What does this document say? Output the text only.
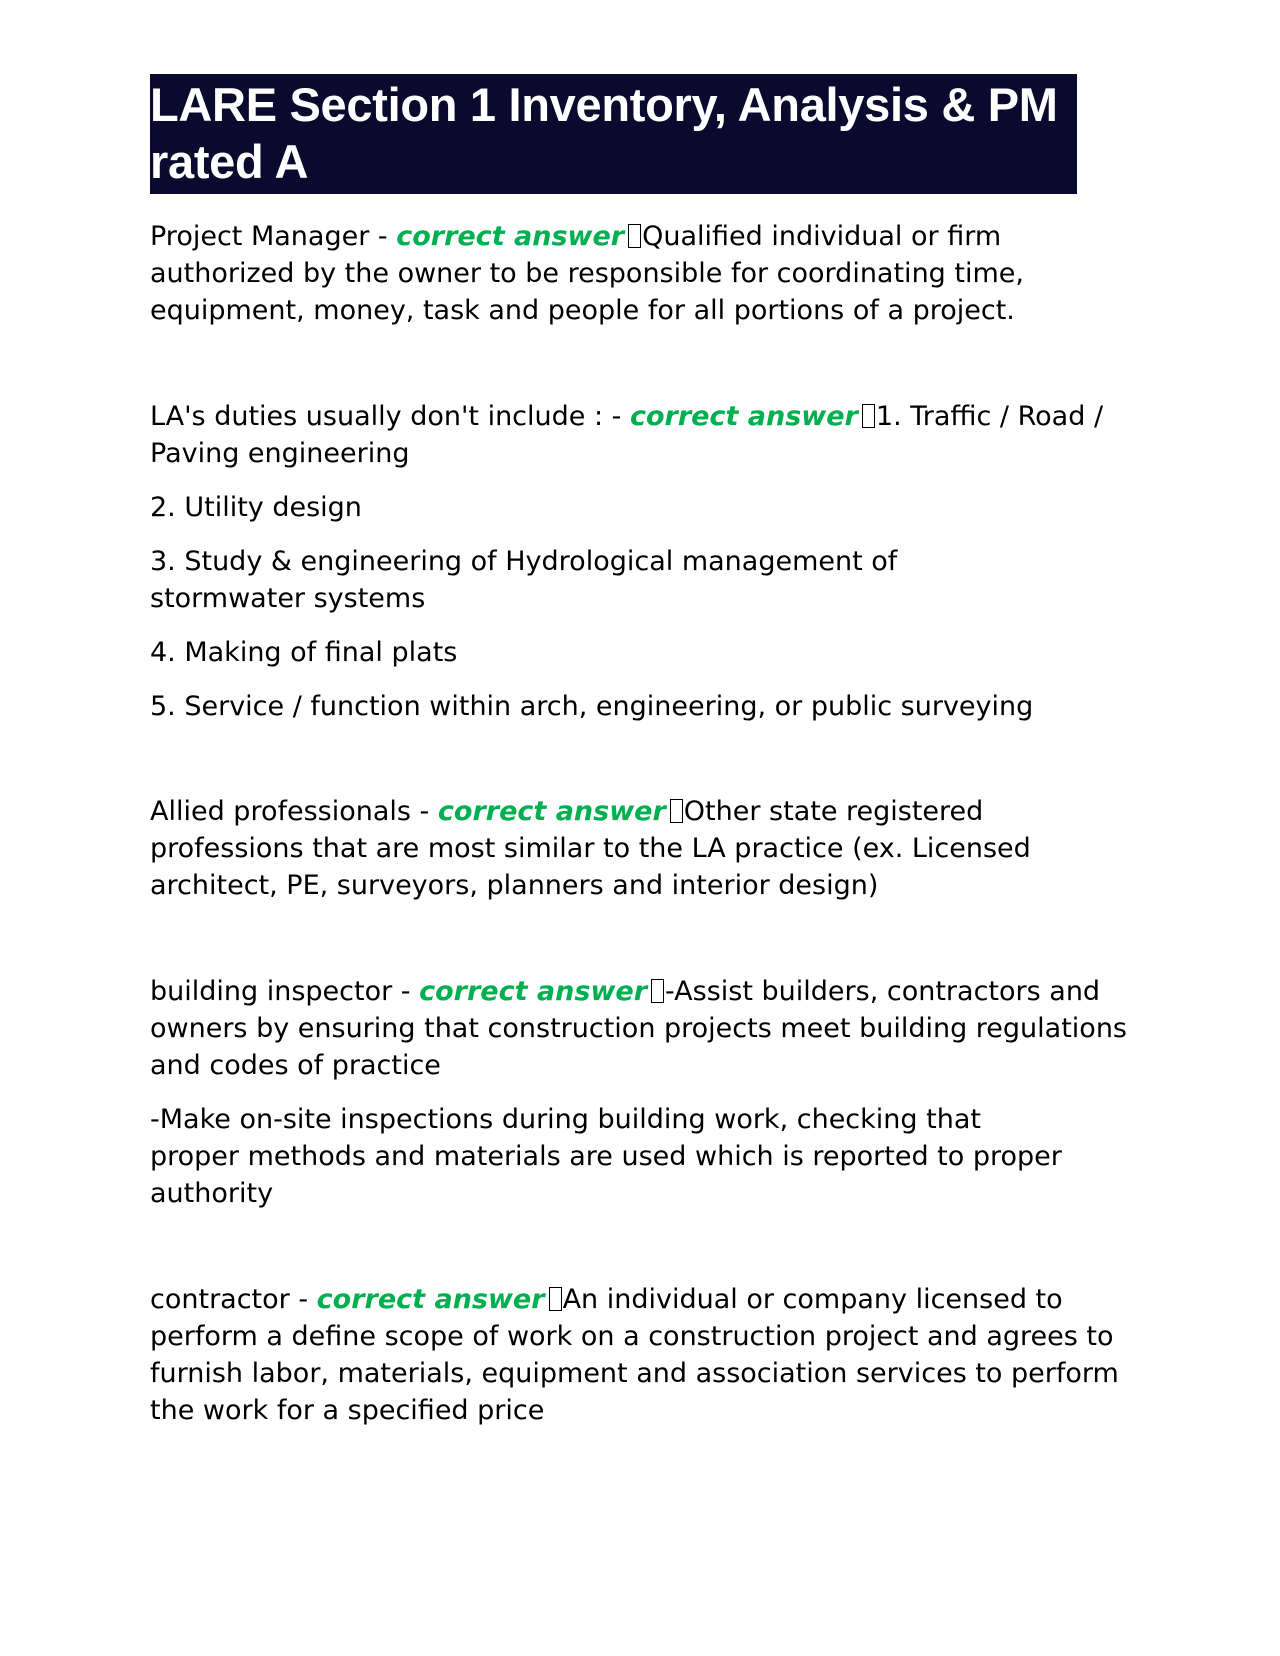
LARE Section 1 Inventory, Analysis & PM rated A

Project Manager - correct answer Qualified individual or firm authorized by the owner to be responsible for coordinating time, equipment, money, task and people for all portions of a project.

LA's duties usually don't include : - correct answer 1. Traffic / Road / Paving engineering

2. Utility design

3. Study & engineering of Hydrological management of stormwater systems

4. Making of final plats

5. Service / function within arch, engineering, or public surveying

Allied professionals - correct answer Other state registered professions that are most similar to the LA practice (ex. Licensed architect, PE, surveyors, planners and interior design)

building inspector - correct answer -Assist builders, contractors and owners by ensuring that construction projects meet building regulations and codes of practice

-Make on-site inspections during building work, checking that proper methods and materials are used which is reported to proper authority

contractor - correct answer An individual or company licensed to perform a define scope of work on a construction project and agrees to furnish labor, materials, equipment and association services to perform the work for a specified price
